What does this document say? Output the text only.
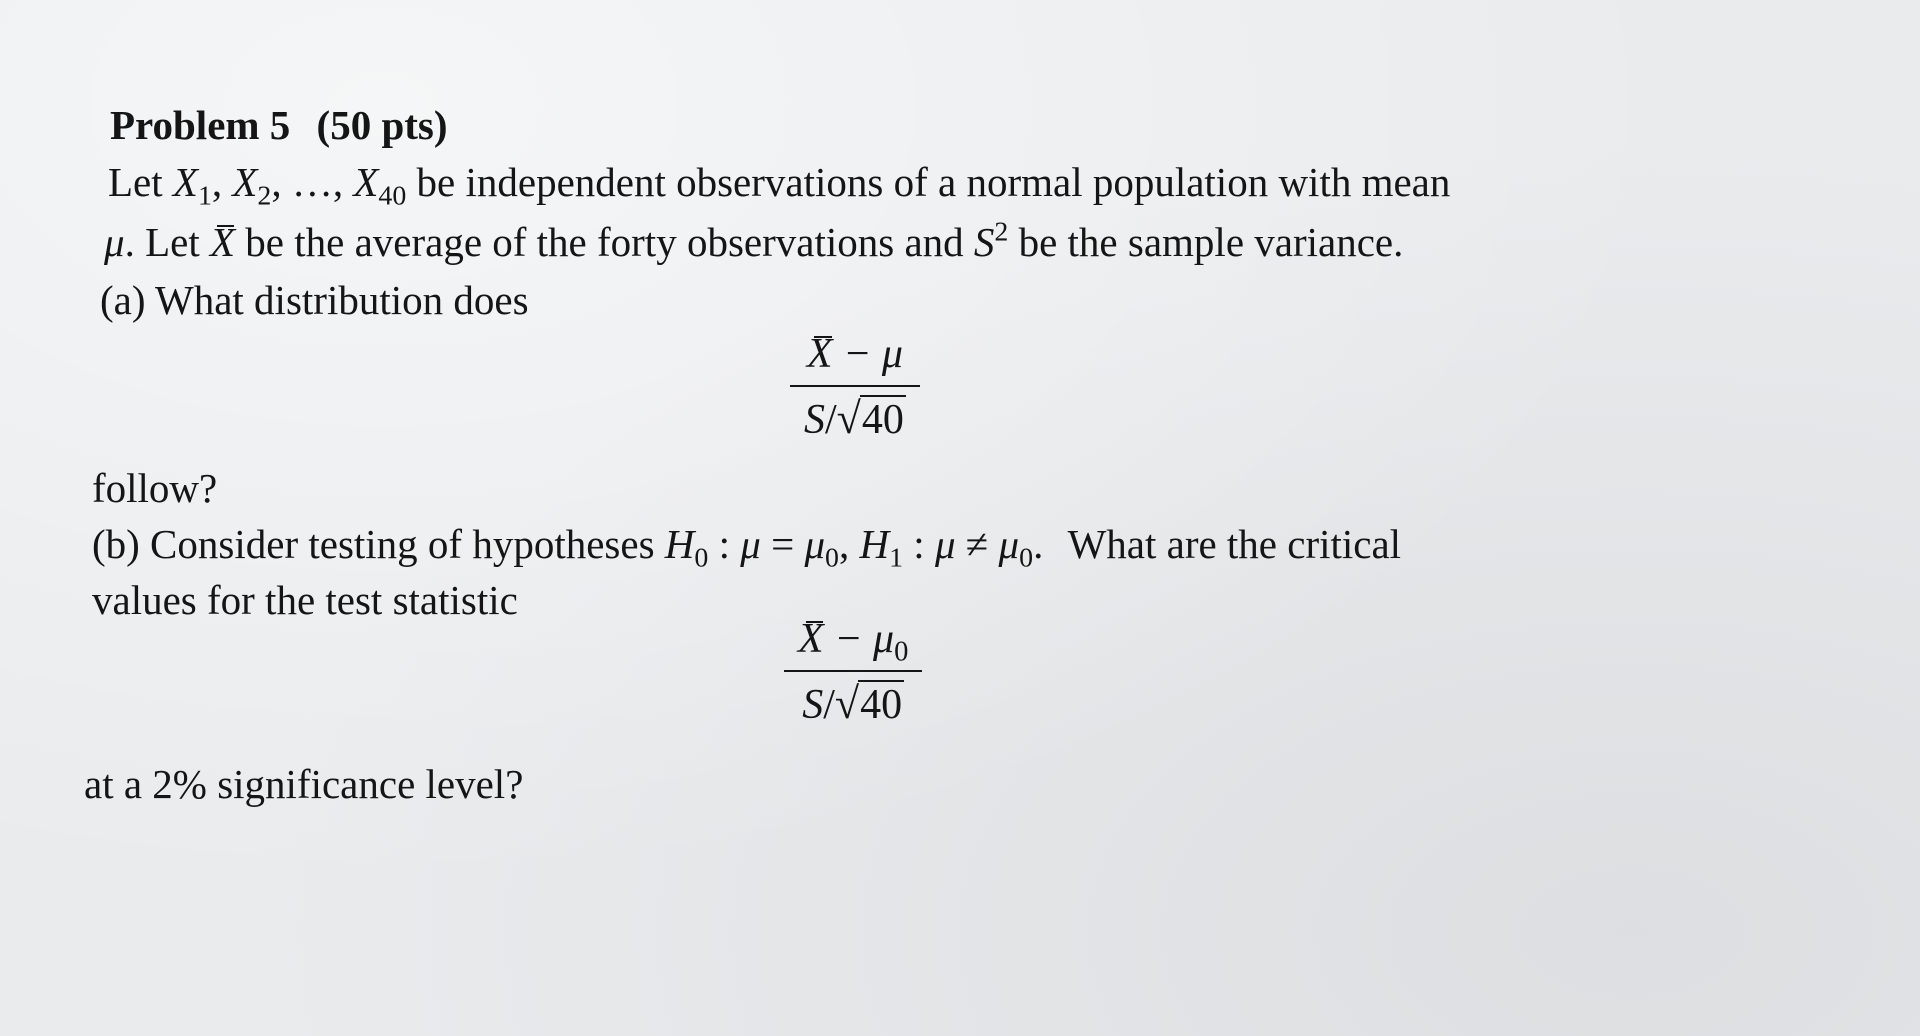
Problem 5 (50 pts)
Let $X_1$, $X_2$, …, $X_{40}$ be independent observations of a normal population with mean
μ. Let X be the average of the forty observations and $S^2$ be the sample variance.
(a) What distribution does
X − μ
S/ √ 40
follow?
(b) Consider testing of hypotheses $H_0$ : $\mu = \mu_0$, $H_1$ : $\mu \ne \mu_0$. What are the critical
values for the test statistic
$X - \mu_0$
S/ √ 40
at a 2% significance level?
